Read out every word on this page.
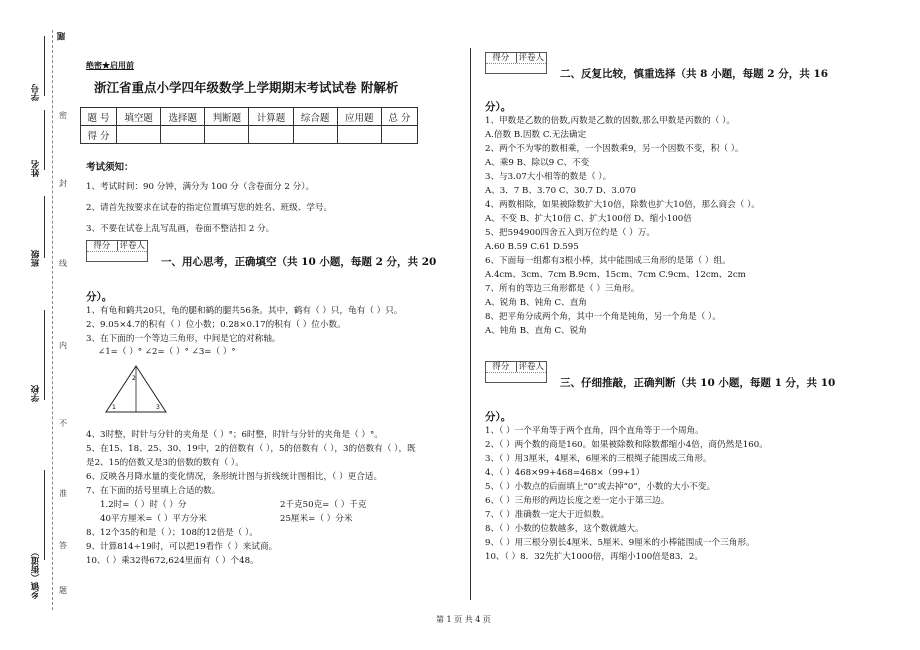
题
学号
姓名
班级
学校
乡镇（街道）
密
封
线
内
不
准
答
题
绝密★启用前
浙江省重点小学四年级数学上学期期末考试试卷 附解析
题 号	填空题	选择题	判断题	计算题	综合题	应用题	总 分
得 分							
考试须知：
1、考试时间：90 分钟，满分为 100 分（含卷面分 2 分）。
2、请首先按要求在试卷的指定位置填写您的姓名、班级、学号。
3、不要在试卷上乱写乱画，卷面不整洁扣 2 分。
得分	评卷人
一、用心思考，正确填空（共 10 小题，每题 2 分，共 20
分）。
1、有龟和鹤共20只，龟的腿和鹤的腿共56条。其中，鹤有（ ）只，龟有（ ）只。
2、9.05×4.7的积有（ ）位小数；0.28×0.17的积有（ ）位小数。
3、在下面的一个等边三角形，中间是它的对称轴。
∠1=（ ）° ∠2=（ ）° ∠3=（ ）°
1
2
3
4、3时整，时针与分针的夹角是（ ）°；6时整，时针与分针的夹角是（ ）°。
5、在15、18、25、30、19中，2的倍数有（ ），5的倍数有（ ），3的倍数有（ ），既
是2、15的倍数又是3的倍数的数有（ ）。
6、反映各月降水量的变化情况，条形统计图与折线统计图相比，（ ）更合适。
7、在下面的括号里填上合适的数。
1.2时=（ ）时（ ）分	2千克50克=（ ）千克
40平方厘米=（ ）平方分米	25厘米=（ ）分米
8、12个35的和是（ ）；108的12倍是（ ）。
9、计算814÷19时，可以把19看作（ ）来试商。
10、（ ）乘32得672,624里面有（ ）个48。
得分	评卷人
二、反复比较，慎重选择（共 8 小题，每题 2 分，共 16
分）。
1、甲数是乙数的倍数,丙数是乙数的因数,那么甲数是丙数的（ ）。
A.倍数 B.因数 C.无法确定
2、两个不为零的数相乘，一个因数乘9，另一个因数不变，积（ ）。
A、乘9 B、除以9 C、不变
3、与3.07大小相等的数是（ ）。
A、3．7 B、3.70 C、30.7 D、3.070
4、两数相除，如果被除数扩大10倍，除数也扩大10倍，那么商会（ ）。
A、不变 B、扩大10倍 C、扩大100倍 D、缩小100倍
5、把594900四舍五入到万位约是（ ）万。
A.60 B.59 C.61 D.595
6、下面每一组都有3根小棒，其中能围成三角形的是第（ ）组。
A.4cm、3cm、7cm B.9cm、15cm、7cm C.9cm、12cm、2cm
7、所有的等边三角形都是（ ）三角形。
A、锐角 B、钝角 C、直角
8、把平角分成两个角，其中一个角是钝角，另一个角是（ ）。
A、钝角 B、直角 C、锐角
得分	评卷人
三、仔细推敲，正确判断（共 10 小题，每题 1 分，共 10
分）。
1、（ ）一个平角等于两个直角，四个直角等于一个周角。
2、（ ）两个数的商是160。如果被除数和除数都缩小4倍，商仍然是160。
3、（ ）用3厘米，4厘米，6厘米的三根绳子能围成三角形。
4、（ ）468×99+468=468×（99+1）
5、（ ）小数点的后面填上“0”或去掉“0”，小数的大小不变。
6、（ ）三角形的两边长度之差一定小于第三边。
7、（ ）准确数一定大于近似数。
8、（ ）小数的位数越多，这个数就越大。
9、（ ）用三根分别长4厘米、5厘米、9厘米的小棒能围成一个三角形。
10、（ ）8．32先扩大1000倍，再缩小100倍是83．2。
第 1 页 共 4 页
